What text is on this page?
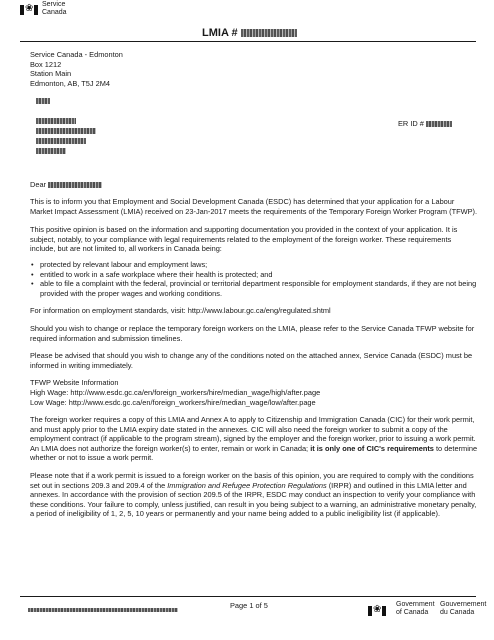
❀ Service
Canada
LMIA #
Service Canada - Edmonton
Box 1212
Station Main
Edmonton, AB, T5J 2M4
ER ID #
Dear

This is to inform you that Employment and Social Development Canada (ESDC) has determined that your application for a Labour Market Impact Assessment (LMIA) received on 23-Jan-2017 meets the requirements of the Temporary Foreign Worker Program (TFWP).

This positive opinion is based on the information and supporting documentation you provided in the context of your application. It is subject, notably, to your compliance with legal requirements related to the employment of the foreign worker. These requirements include, but are not limited to, all workers in Canada being:

• protected by relevant labour and employment laws;
• entitled to work in a safe workplace where their health is protected; and
• able to file a complaint with the federal, provincial or territorial department responsible for employment standards, if they are not being provided with the proper wages and working conditions.

For information on employment standards, visit: http://www.labour.gc.ca/eng/regulated.shtml

Should you wish to change or replace the temporary foreign workers on the LMIA, please refer to the Service Canada TFWP website for required information and submission timelines.

Please be advised that should you wish to change any of the conditions noted on the attached annex, Service Canada (ESDC) must be informed in writing immediately.

TFWP Website Information

High Wage: http://www.esdc.gc.ca/en/foreign_workers/hire/median_wage/high/after.page

Low Wage: http://www.esdc.gc.ca/en/foreign_workers/hire/median_wage/low/after.page

The foreign worker requires a copy of this LMIA and Annex A to apply to Citizenship and Immigration Canada (CIC) for their work permit, and must apply prior to the LMIA expiry date stated in the annexes. CIC will also need the foreign worker to submit a copy of the employment contract (if applicable to the program stream), signed by the employer and the foreign worker, prior to issuing a work permit. An LMIA does not authorize the foreign worker(s) to enter, remain or work in Canada; it is only one of CIC's requirements to determine whether or not to issue a work permit.

Please note that if a work permit is issued to a foreign worker on the basis of this opinion, you are required to comply with the conditions set out in sections 209.3 and 209.4 of the Immigration and Refugee Protection Regulations (IRPR) and outlined in this LMIA letter and annexes. In accordance with the provision of section 209.5 of the IRPR, ESDC may conduct an inspection to verify your compliance with these conditions. Your failure to comply, unless justified, can result in you being subject to a warning, an administrative monetary penalty, a period of ineligibility of 1, 2, 5, 10 years or permanently and your name being added to a public ineligibility list (if applicable).

Page 1 of 5	❀ Government
of Canada
Gouvernement
du Canada
